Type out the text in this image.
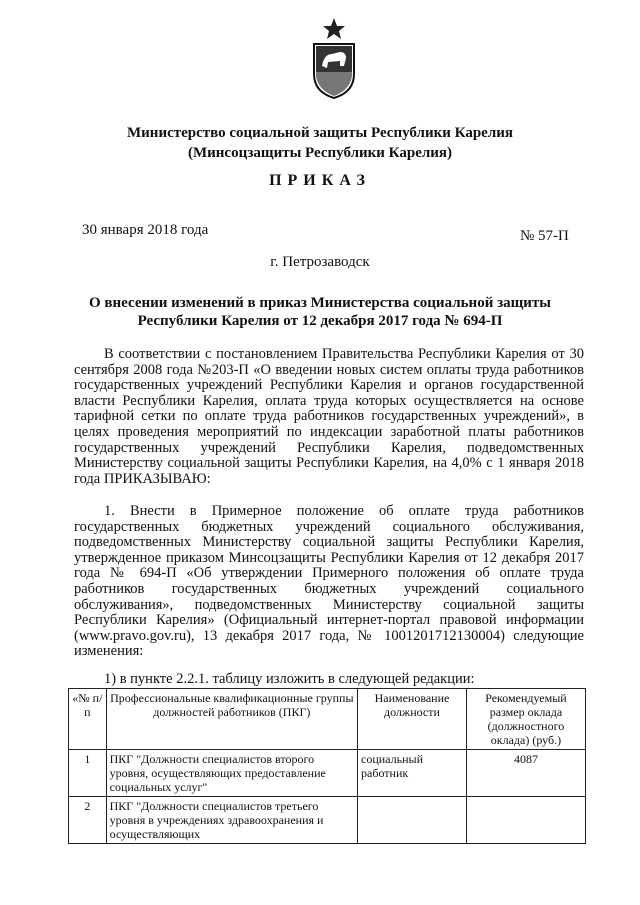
Министерство социальной защиты Республики Карелия
(Минсоцзащиты Республики Карелия)
ПРИКАЗ
30 января 2018 года	№ 57-П
г. Петрозаводск
О внесении изменений в приказ Министерства социальной защиты Республики Карелия от 12 декабря 2017 года № 694-П
В соответствии с постановлением Правительства Республики Карелия от 30 сентября 2008 года №203-П «О введении новых систем оплаты труда работников государственных учреждений Республики Карелия и органов государственной власти Республики Карелия, оплата труда которых осуществляется на основе тарифной сетки по оплате труда работников государственных учреждений», в целях проведения мероприятий по индексации заработной платы работников государственных учреждений Республики Карелия, подведомственных Министерству социальной защиты Республики Карелия, на 4,0% с 1 января 2018 года ПРИКАЗЫВАЮ:
1. Внести в Примерное положение об оплате труда работников государственных бюджетных учреждений социального обслуживания, подведомственных Министерству социальной защиты Республики Карелия, утвержденное приказом Минсоцзащиты Республики Карелия от 12 декабря 2017 года № 694-П «Об утверждении Примерного положения об оплате труда работников государственных бюджетных учреждений социального обслуживания», подведомственных Министерству социальной защиты Республики Карелия» (Официальный интернет-портал правовой информации (www.pravo.gov.ru), 13 декабря 2017 года, № 1001201712130004) следующие изменения:
1) в пункте 2.2.1. таблицу изложить в следующей редакции:
«№ п/п	Профессиональные квалификационные группы должностей работников (ПКГ)	Наименование должности	Рекомендуемый размер оклада (должностного оклада) (руб.)
1	ПКГ "Должности специалистов второго уровня, осуществляющих предоставление социальных услуг"	социальный работник	4087
2	ПКГ "Должности специалистов третьего уровня в учреждениях здравоохранения и осуществляющих		
